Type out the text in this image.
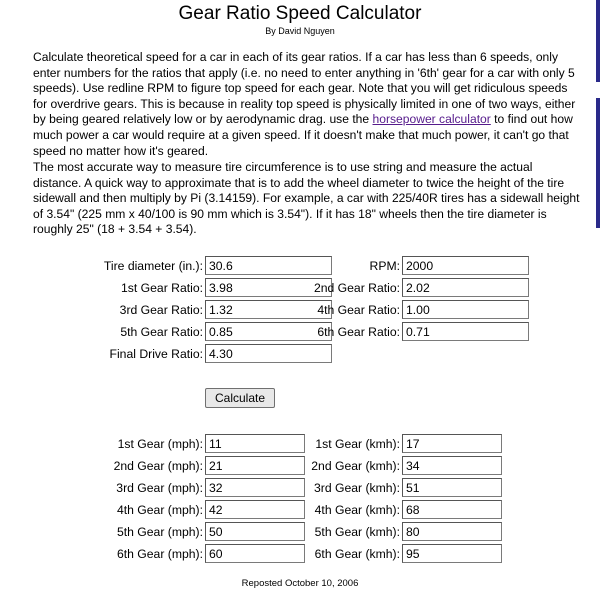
Gear Ratio Speed Calculator
By David Nguyen

Calculate theoretical speed for a car in each of its gear ratios. If a car has less than 6 speeds, only enter numbers for the ratios that apply (i.e. no need to enter anything in '6th' gear for a car with only 5 speeds). Use redline RPM to figure top speed for each gear. Note that you will get ridiculous speeds for overdrive gears. This is because in reality top speed is physically limited in one of two ways, either by being geared relatively low or by aerodynamic drag. use the horsepower calculator to find out how much power a car would require at a given speed. If it doesn't make that much power, it can't go that speed no matter how it's geared.

The most accurate way to measure tire circumference is to use string and measure the actual distance. A quick way to approximate that is to add the wheel diameter to twice the height of the tire sidewall and then multiply by Pi (3.14159). For example, a car with 225/40R tires has a sidewall height of 3.54" (225 mm x 40/100 is 90 mm which is 3.54"). If it has 18" wheels then the tire diameter is roughly 25" (18 + 3.54 + 3.54).

Tire diameter (in.): 30.6	RPM: 2000
1st Gear Ratio: 3.98	2nd Gear Ratio: 2.02
3rd Gear Ratio: 1.32	4th Gear Ratio: 1.00
5th Gear Ratio: 0.85	6th Gear Ratio: 0.71
Final Drive Ratio: 4.30
Calculate
1st Gear (mph): 11	1st Gear (kmh): 17
2nd Gear (mph): 21	2nd Gear (kmh): 34
3rd Gear (mph): 32	3rd Gear (kmh): 51
4th Gear (mph): 42	4th Gear (kmh): 68
5th Gear (mph): 50	5th Gear (kmh): 80
6th Gear (mph): 60	6th Gear (kmh): 95
Reposted October 10, 2006
